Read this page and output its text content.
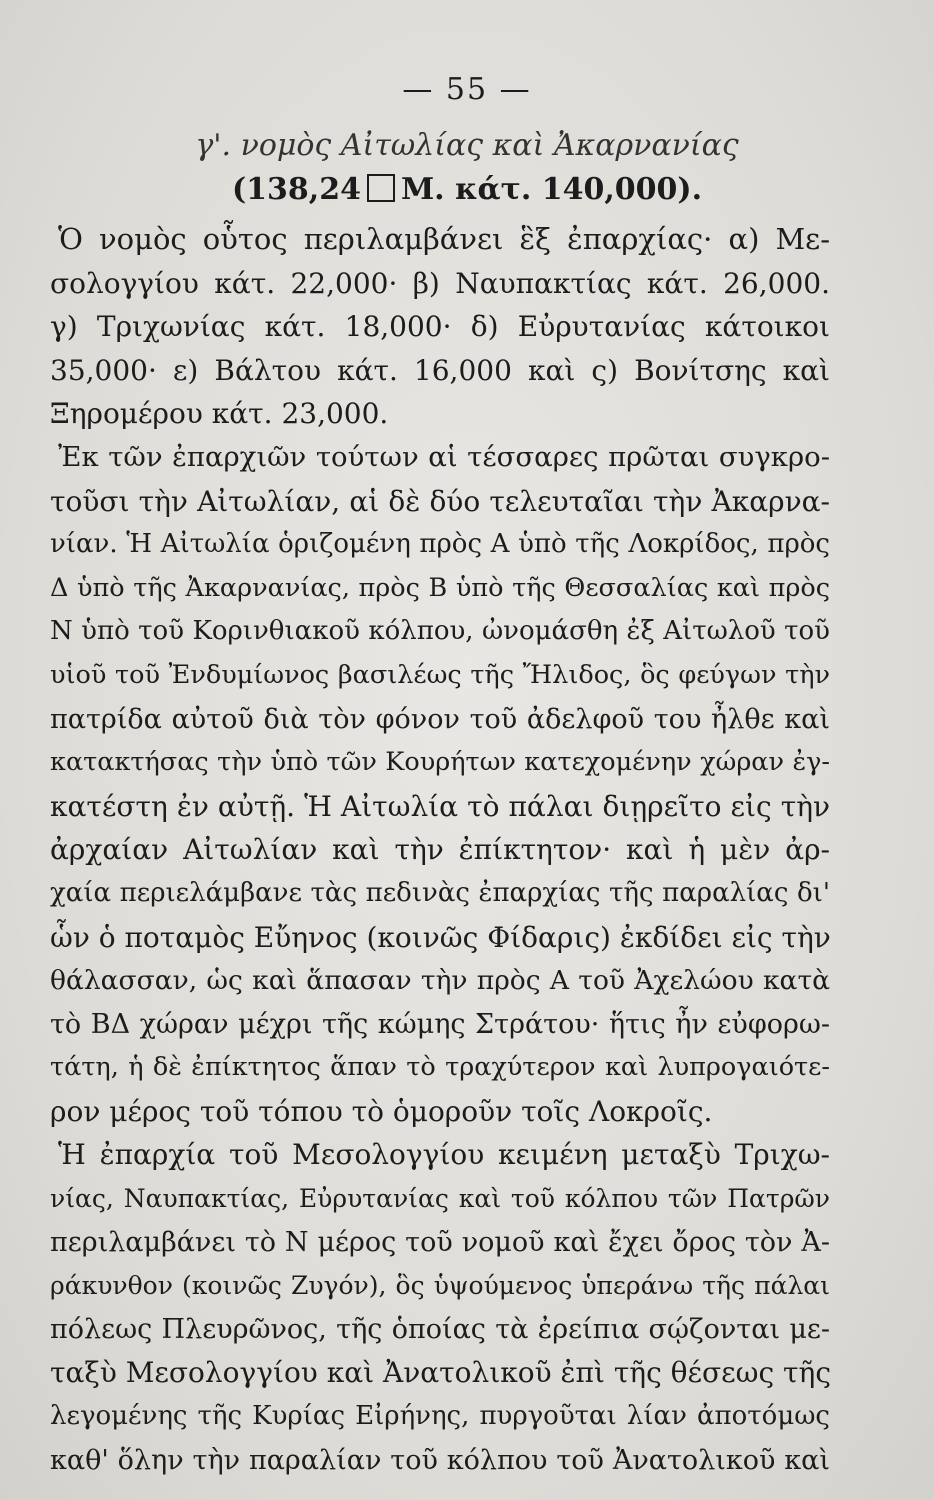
— 55 —
γ'. νομὸς Αἰτωλίας καὶ Ἀκαρνανίας
(138,24 Μ. κάτ. 140,000).
Ὁ νομὸς οὗτος περιλαμβάνει ἓξ ἐπαρχίας· α) Με-
σολογγίου κάτ. 22,000· β) Ναυπακτίας κάτ. 26,000.
γ) Τριχωνίας κάτ. 18,000· δ) Εὐρυτανίας κάτοικοι
35,000· ε) Βάλτου κάτ. 16,000 καὶ ς) Βονίτσης καὶ
Ξηρομέρου κάτ. 23,000.
Ἐκ τῶν ἐπαρχιῶν τούτων αἱ τέσσαρες πρῶται συγκρο-
τοῦσι τὴν Αἰτωλίαν, αἱ δὲ δύο τελευταῖαι τὴν Ἀκαρνα-
νίαν. Ἡ Αἰτωλία ὁριζομένη πρὸς Α ὑπὸ τῆς Λοκρίδος, πρὸς
Δ ὑπὸ τῆς Ἀκαρνανίας, πρὸς Β ὑπὸ τῆς Θεσσαλίας καὶ πρὸς
Ν ὑπὸ τοῦ Κορινθιακοῦ κόλπου, ὠνομάσθη ἐξ Αἰτωλοῦ τοῦ
υἱοῦ τοῦ Ἐνδυμίωνος βασιλέως τῆς Ἤλιδος, ὃς φεύγων τὴν
πατρίδα αὐτοῦ διὰ τὸν φόνον τοῦ ἀδελφοῦ του ἦλθε καὶ
κατακτήσας τὴν ὑπὸ τῶν Κουρήτων κατεχομένην χώραν ἐγ-
κατέστη ἐν αὐτῇ. Ἡ Αἰτωλία τὸ πάλαι διῃρεῖτο εἰς τὴν
ἀρχαίαν Αἰτωλίαν καὶ τὴν ἐπίκτητον· καὶ ἡ μὲν ἀρ-
χαία περιελάμβανε τὰς πεδινὰς ἐπαρχίας τῆς παραλίας δι'
ὧν ὁ ποταμὸς Εὔηνος (κοινῶς Φίδαρις) ἐκδίδει εἰς τὴν
θάλασσαν, ὡς καὶ ἅπασαν τὴν πρὸς Α τοῦ Ἀχελώου κατὰ
τὸ ΒΔ χώραν μέχρι τῆς κώμης Στράτου· ἥτις ἦν εὐφορω-
τάτη, ἡ δὲ ἐπίκτητος ἅπαν τὸ τραχύτερον καὶ λυπρογαιότε-
ρον μέρος τοῦ τόπου τὸ ὁμοροῦν τοῖς Λοκροῖς.
Ἡ ἐπαρχία τοῦ Μεσολογγίου κειμένη μεταξὺ Τριχω-
νίας, Ναυπακτίας, Εὐρυτανίας καὶ τοῦ κόλπου τῶν Πατρῶν
περιλαμβάνει τὸ Ν μέρος τοῦ νομοῦ καὶ ἔχει ὄρος τὸν Ἀ-
ράκυνθον (κοινῶς Ζυγόν), ὃς ὑψούμενος ὑπεράνω τῆς πάλαι
πόλεως Πλευρῶνος, τῆς ὁποίας τὰ ἐρείπια σῴζονται με-
ταξὺ Μεσολογγίου καὶ Ἀνατολικοῦ ἐπὶ τῆς θέσεως τῆς
λεγομένης τῆς Κυρίας Εἰρήνης, πυργοῦται λίαν ἀποτόμως
καθ' ὅλην τὴν παραλίαν τοῦ κόλπου τοῦ Ἀνατολικοῦ καὶ
